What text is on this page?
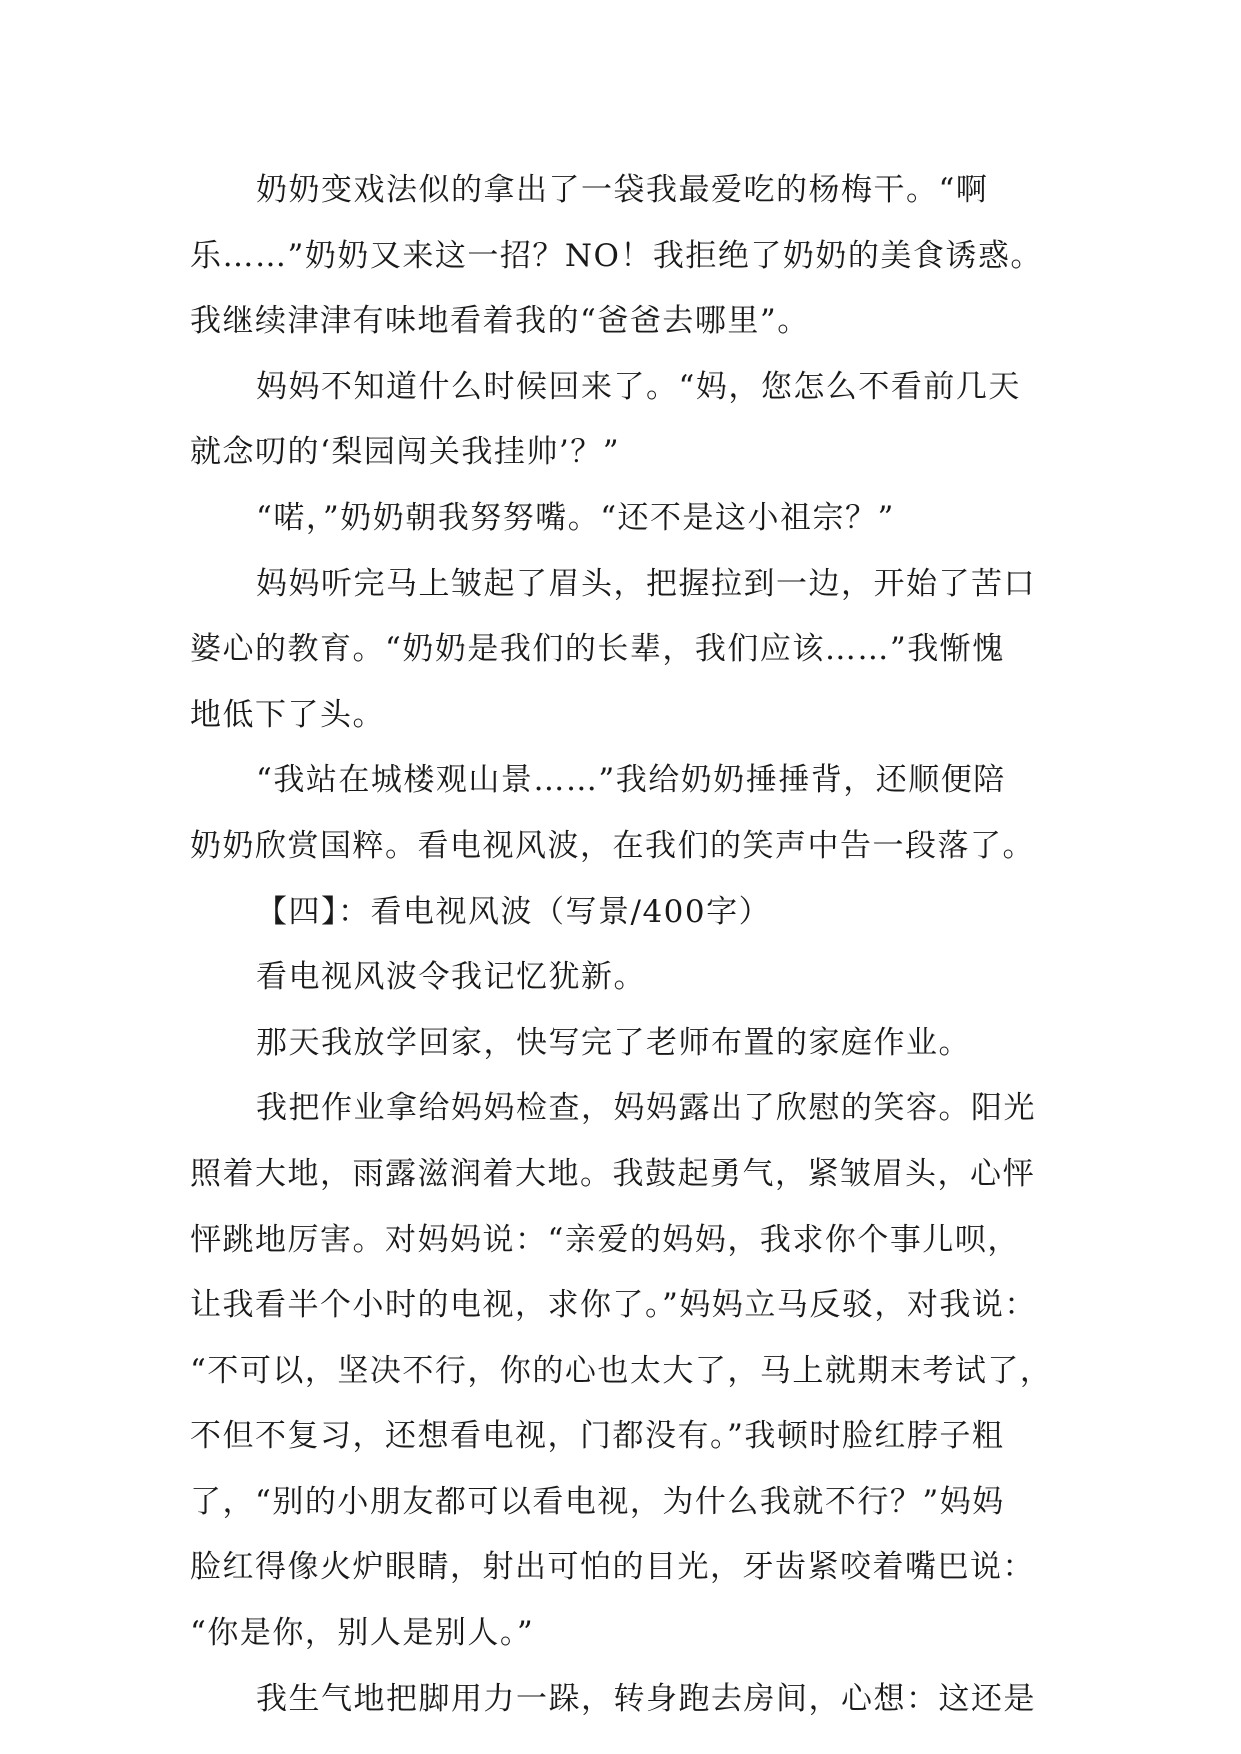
奶奶变戏法似的拿出了一袋我最爱吃的杨梅干。“啊
乐……”奶奶又来这一招？NO！我拒绝了奶奶的美食诱惑。
我继续津津有味地看着我的“爸爸去哪里”。
妈妈不知道什么时候回来了。“妈，您怎么不看前几天
就念叨的‘梨园闯关我挂帅’？”
“喏，”奶奶朝我努努嘴。“还不是这小祖宗？”
妈妈听完马上皱起了眉头，把握拉到一边，开始了苦口
婆心的教育。“奶奶是我们的长辈，我们应该……”我惭愧
地低下了头。
“我站在城楼观山景……”我给奶奶捶捶背，还顺便陪
奶奶欣赏国粹。看电视风波，在我们的笑声中告一段落了。
【四】：看电视风波（写景/400字）
看电视风波令我记忆犹新。
那天我放学回家，快写完了老师布置的家庭作业。
我把作业拿给妈妈检查，妈妈露出了欣慰的笑容。阳光
照着大地，雨露滋润着大地。我鼓起勇气，紧皱眉头，心怦
怦跳地厉害。对妈妈说：“亲爱的妈妈，我求你个事儿呗，
让我看半个小时的电视，求你了。”妈妈立马反驳，对我说：
“不可以，坚决不行，你的心也太大了，马上就期末考试了，
不但不复习，还想看电视，门都没有。”我顿时脸红脖子粗
了，“别的小朋友都可以看电视，为什么我就不行？”妈妈
脸红得像火炉眼睛，射出可怕的目光，牙齿紧咬着嘴巴说：
“你是你，别人是别人。”
我生气地把脚用力一跺，转身跑去房间，心想：这还是
